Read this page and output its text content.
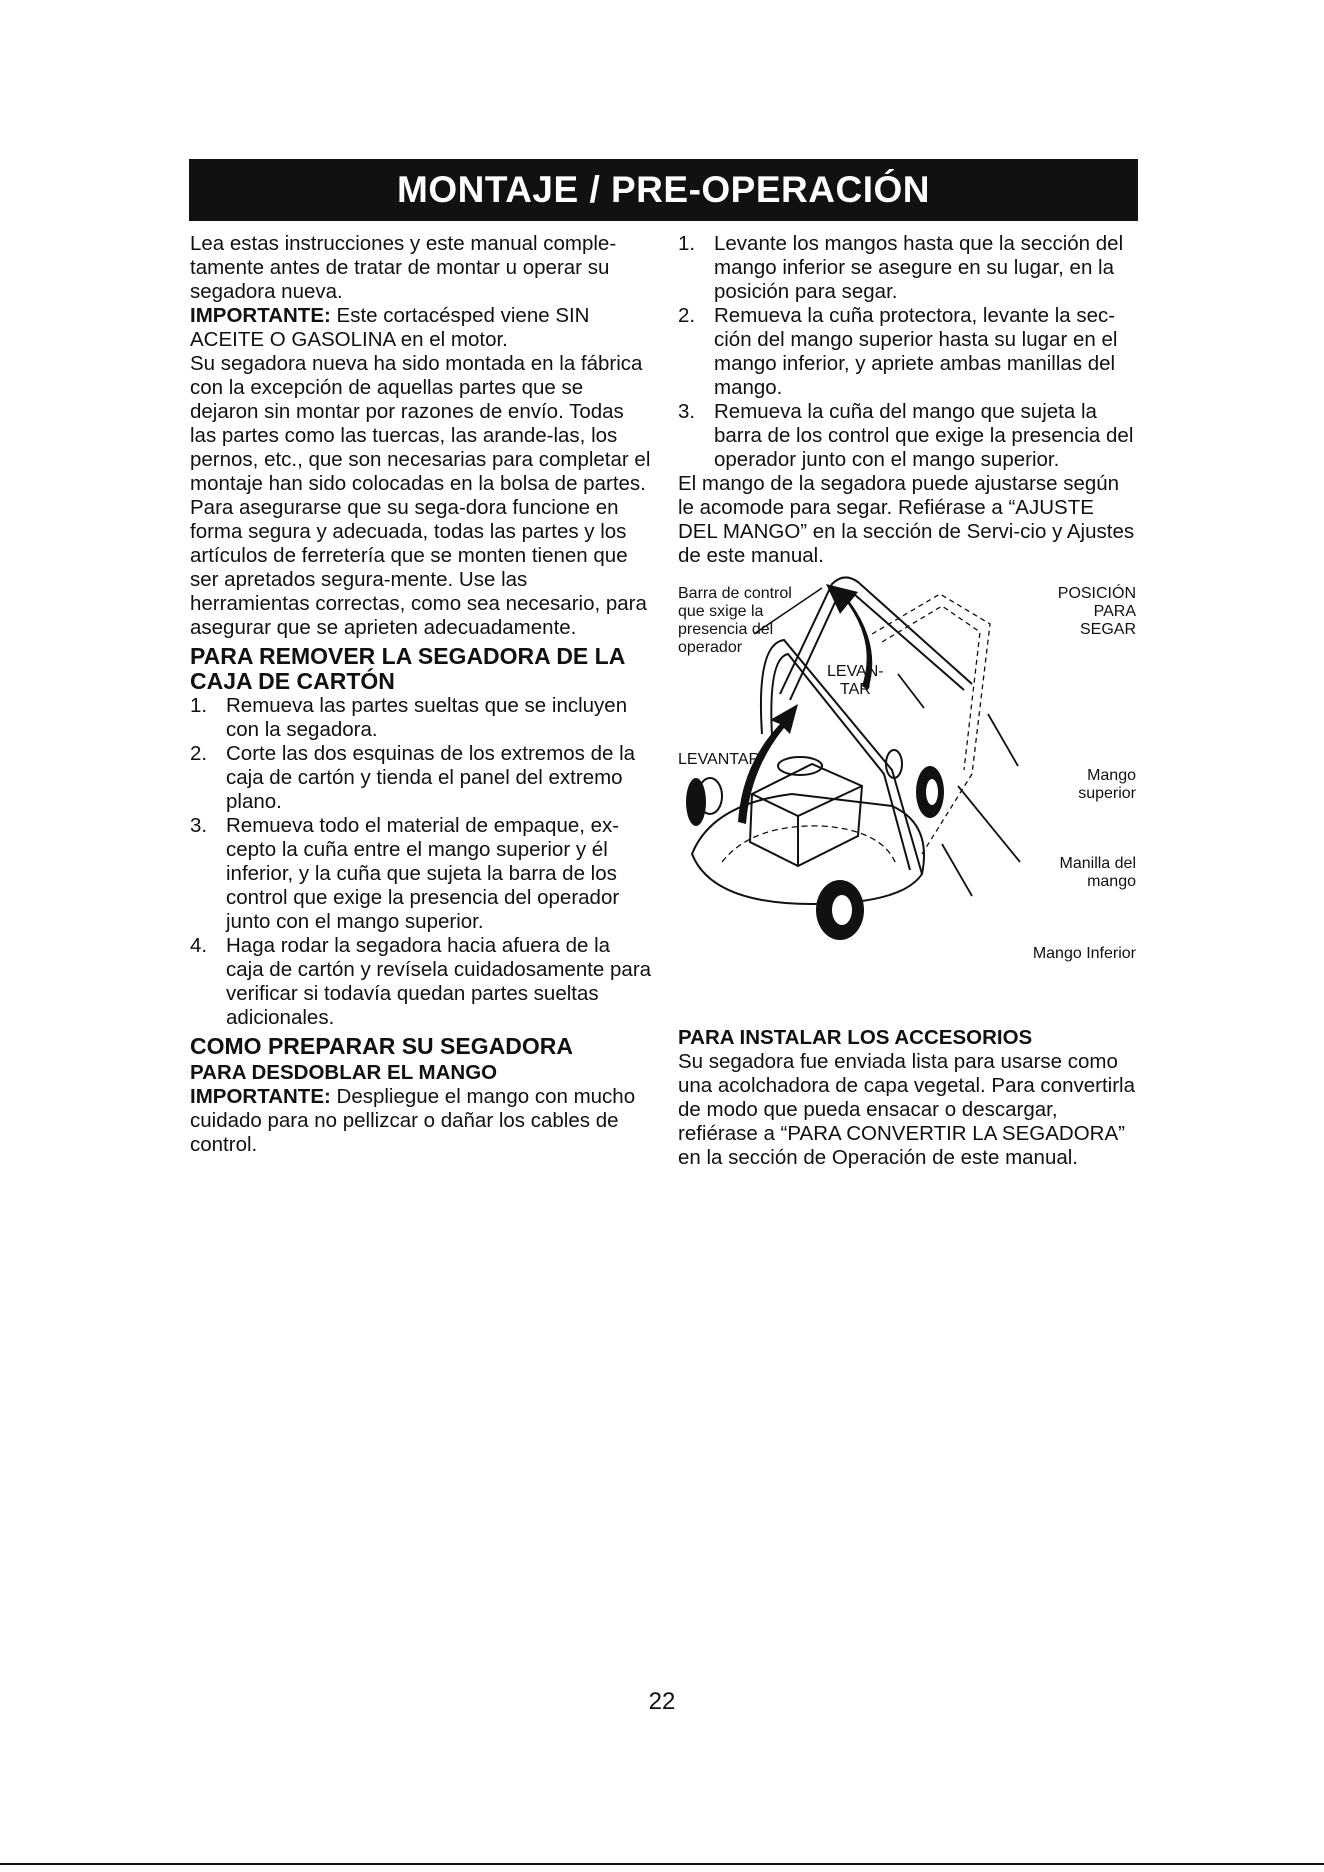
MONTAJE / PRE-OPERACIÓN

Lea estas instrucciones y este manual comple-tamente antes de tratar de montar u operar su segadora nueva.

IMPORTANTE: Este cortacésped viene SIN ACEITE O GASOLINA en el motor.

Su segadora nueva ha sido montada en la fábrica con la excepción de aquellas partes que se dejaron sin montar por razones de envío. Todas las partes como las tuercas, las arande-las, los pernos, etc., que son necesarias para completar el montaje han sido colocadas en la bolsa de partes. Para asegurarse que su sega-dora funcione en forma segura y adecuada, todas las partes y los artículos de ferretería que se monten tienen que ser apretados segura-mente. Use las herramientas correctas, como sea necesario, para asegurar que se aprieten adecuadamente.

PARA REMOVER LA SEGADORA DE LA CAJA DE CARTÓN
1. Remueva las partes sueltas que se incluyen con la segadora.
2. Corte las dos esquinas de los extremos de la caja de cartón y tienda el panel del extremo plano.
3. Remueva todo el material de empaque, ex-cepto la cuña entre el mango superior y él inferior, y la cuña que sujeta la barra de los control que exige la presencia del operador junto con el mango superior.
4. Haga rodar la segadora hacia afuera de la caja de cartón y revísela cuidadosamente para verificar si todavía quedan partes sueltas adicionales.
COMO PREPARAR SU SEGADORA
PARA DESDOBLAR EL MANGO

IMPORTANTE: Despliegue el mango con mucho cuidado para no pellizcar o dañar los cables de control.

1. Levante los mangos hasta que la sección del mango inferior se asegure en su lugar, en la posición para segar.
2. Remueva la cuña protectora, levante la sec-ción del mango superior hasta su lugar en el mango inferior, y apriete ambas manillas del mango.
3. Remueva la cuña del mango que sujeta la barra de los control que exige la presencia del operador junto con el mango superior.

El mango de la segadora puede ajustarse según le acomode para segar. Refiérase a “AJUSTE DEL MANGO” en la sección de Servi-cio y Ajustes de este manual.

Barra de control
que sxige la
presencia del
operador
LEVAN-
TAR
LEVANTAR
POSICIÓN
PARA
SEGAR
Mango
superior
Manilla del
mango
Mango Inferior
PARA INSTALAR LOS ACCESORIOS

Su segadora fue enviada lista para usarse como una acolchadora de capa vegetal. Para convertirla de modo que pueda ensacar o descargar, refiérase a “PARA CONVERTIR LA SEGADORA” en la sección de Operación de este manual.

22
